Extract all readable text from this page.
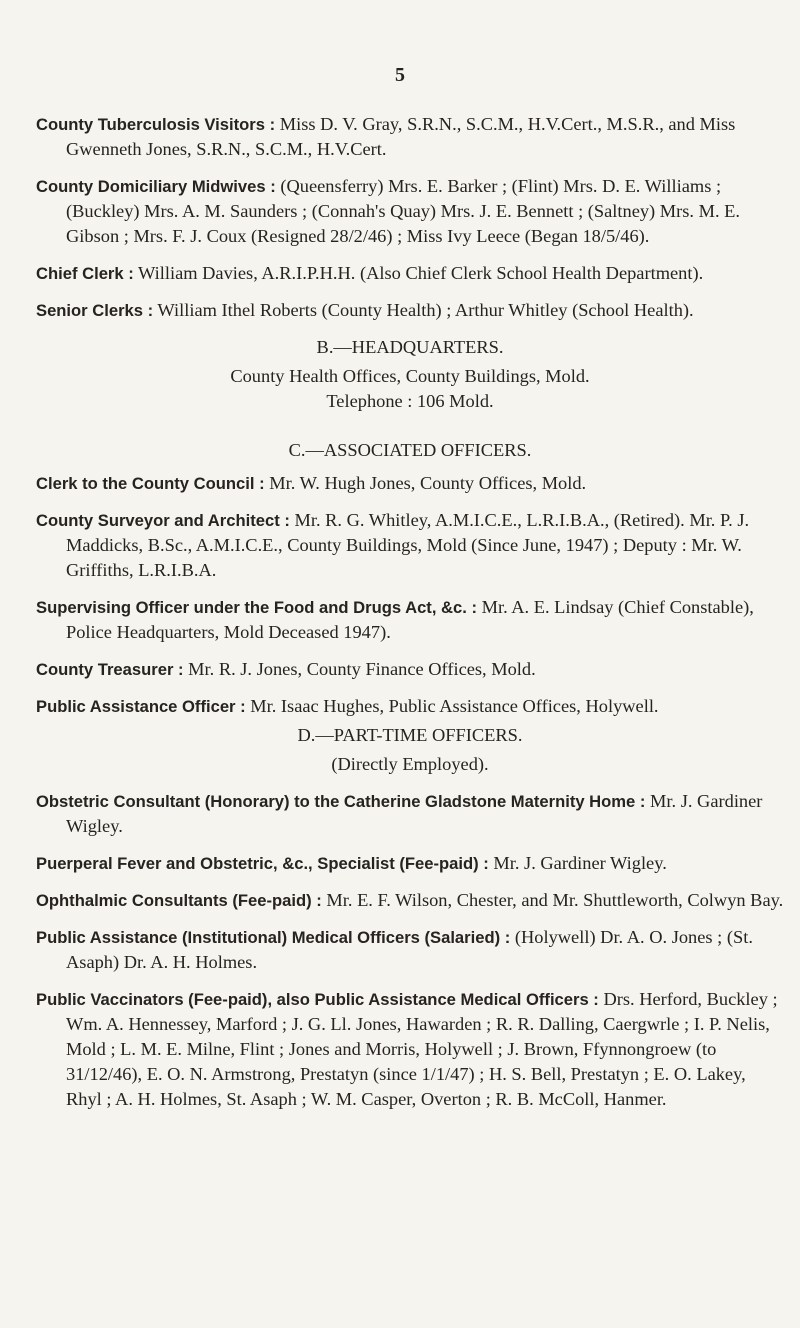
5

County Tuberculosis Visitors : Miss D. V. Gray, S.R.N., S.C.M., H.V.Cert., M.S.R., and Miss Gwenneth Jones, S.R.N., S.C.M., H.V.Cert.

County Domiciliary Midwives : (Queensferry) Mrs. E. Barker ; (Flint) Mrs. D. E. Williams ; (Buckley) Mrs. A. M. Saunders ; (Connah's Quay) Mrs. J. E. Bennett ; (Saltney) Mrs. M. E. Gibson ; Mrs. F. J. Coux (Resigned 28/2/46) ; Miss Ivy Leece (Began 18/5/46).

Chief Clerk : William Davies, A.R.I.P.H.H. (Also Chief Clerk School Health Department).

Senior Clerks : William Ithel Roberts (County Health) ; Arthur Whitley (School Health).

B.—HEADQUARTERS.

County Health Offices, County Buildings, Mold.

Telephone : 106 Mold.

C.—ASSOCIATED OFFICERS.

Clerk to the County Council : Mr. W. Hugh Jones, County Offices, Mold.

County Surveyor and Architect : Mr. R. G. Whitley, A.M.I.C.E., L.R.I.B.A., (Retired). Mr. P. J. Maddicks, B.Sc., A.M.I.C.E., County Buildings, Mold (Since June, 1947) ; Deputy : Mr. W. Griffiths, L.R.I.B.A.

Supervising Officer under the Food and Drugs Act, &c. : Mr. A. E. Lindsay (Chief Constable), Police Headquarters, Mold Deceased 1947).

County Treasurer : Mr. R. J. Jones, County Finance Offices, Mold.

Public Assistance Officer : Mr. Isaac Hughes, Public Assistance Offices, Holywell.

D.—PART-TIME OFFICERS.

(Directly Employed).

Obstetric Consultant (Honorary) to the Catherine Gladstone Maternity Home : Mr. J. Gardiner Wigley.

Puerperal Fever and Obstetric, &c., Specialist (Fee-paid) : Mr. J. Gardiner Wigley.

Ophthalmic Consultants (Fee-paid) : Mr. E. F. Wilson, Chester, and Mr. Shuttleworth, Colwyn Bay.

Public Assistance (Institutional) Medical Officers (Salaried) : (Holywell) Dr. A. O. Jones ; (St. Asaph) Dr. A. H. Holmes.

Public Vaccinators (Fee-paid), also Public Assistance Medical Officers : Drs. Herford, Buckley ; Wm. A. Hennessey, Marford ; J. G. Ll. Jones, Hawarden ; R. R. Dalling, Caergwrle ; I. P. Nelis, Mold ; L. M. E. Milne, Flint ; Jones and Morris, Holywell ; J. Brown, Ffynnongroew (to 31/12/46), E. O. N. Armstrong, Prestatyn (since 1/1/47) ; H. S. Bell, Prestatyn ; E. O. Lakey, Rhyl ; A. H. Holmes, St. Asaph ; W. M. Casper, Overton ; R. B. McColl, Hanmer.
